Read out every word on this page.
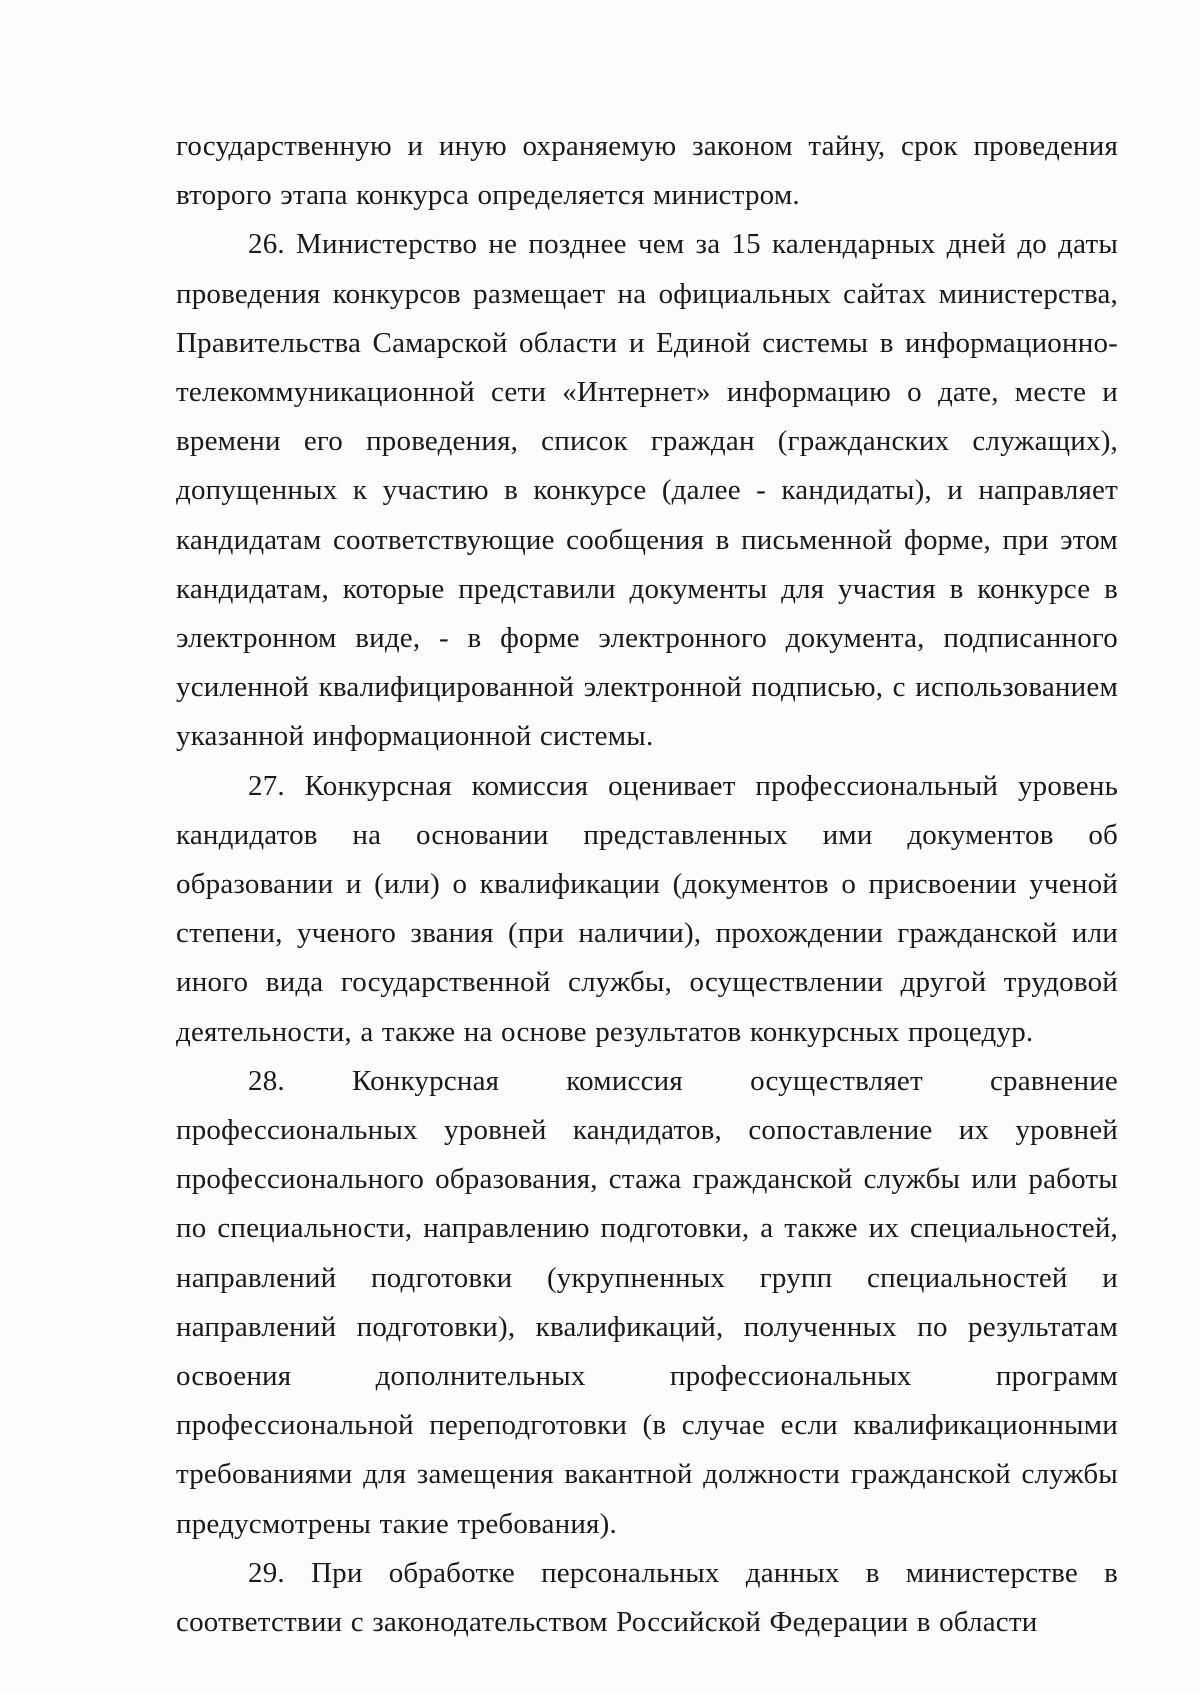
государственную и иную охраняемую законом тайну, срок проведения второго этапа конкурса определяется министром.

26. Министерство не позднее чем за 15 календарных дней до даты проведения конкурсов размещает на официальных сайтах министерства, Правительства Самарской области и Единой системы в информационно-телекоммуникационной сети «Интернет» информацию о дате, месте и времени его проведения, список граждан (гражданских служащих), допущенных к участию в конкурсе (далее - кандидаты), и направляет кандидатам соответствующие сообщения в письменной форме, при этом кандидатам, которые представили документы для участия в конкурсе в электронном виде, - в форме электронного документа, подписанного усиленной квалифицированной электронной подписью, с использованием указанной информационной системы.

27. Конкурсная комиссия оценивает профессиональный уровень кандидатов на основании представленных ими документов об образовании и (или) о квалификации (документов о присвоении ученой степени, ученого звания (при наличии), прохождении гражданской или иного вида государственной службы, осуществлении другой трудовой деятельности, а также на основе результатов конкурсных процедур.

28. Конкурсная комиссия осуществляет сравнение профессиональных уровней кандидатов, сопоставление их уровней профессионального образования, стажа гражданской службы или работы по специальности, направлению подготовки, а также их специальностей, направлений подготовки (укрупненных групп специальностей и направлений подготовки), квалификаций, полученных по результатам освоения дополнительных профессиональных программ профессиональной переподготовки (в случае если квалификационными требованиями для замещения вакантной должности гражданской службы предусмотрены такие требования).

29. При обработке персональных данных в министерстве в соответствии с законодательством Российской Федерации в области
